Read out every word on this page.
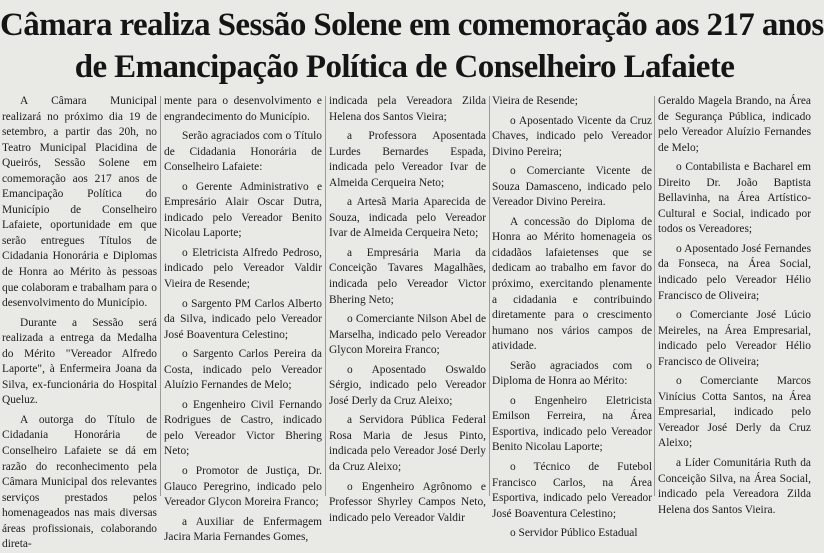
Câmara realiza Sessão Solene em comemoração aos 217 anos
de Emancipação Política de Conselheiro Lafaiete

A Câmara Municipal realizará no próximo dia 19 de setembro, a partir das 20h, no Teatro Municipal Placidina de Queirós, Sessão Solene em comemoração aos 217 anos de Emancipação Política do Município de Conselheiro Lafaiete, oportunidade em que serão entregues Títulos de Cidadania Honorária e Diplomas de Honra ao Mérito às pessoas que colaboram e trabalham para o desenvolvimento do Município.

Durante a Sessão será realizada a entrega da Medalha do Mérito "Vereador Alfredo Laporte", à Enfermeira Joana da Silva, ex-funcionária do Hospital Queluz.

A outorga do Título de Cidadania Honorária de Conselheiro Lafaiete se dá em razão do reconhecimento pela Câmara Municipal dos relevantes serviços prestados pelos homenageados nas mais diversas áreas profissionais, colaborando direta-

mente para o desenvolvimento e engrandecimento do Município.

Serão agraciados com o Título de Cidadania Honorária de Conselheiro Lafaiete:

o Gerente Administrativo e Empresário Alair Oscar Dutra, indicado pelo Vereador Benito Nicolau Laporte;

o Eletricista Alfredo Pedroso, indicado pelo Vereador Valdir Vieira de Resende;

o Sargento PM Carlos Alberto da Silva, indicado pelo Vereador José Boaventura Celestino;

o Sargento Carlos Pereira da Costa, indicado pelo Vereador Aluízio Fernandes de Melo;

o Engenheiro Civil Fernando Rodrigues de Castro, indicado pelo Vereador Victor Bhering Neto;

o Promotor de Justiça, Dr. Glauco Peregrino, indicado pelo Vereador Glycon Moreira Franco;

a Auxiliar de Enfermagem Jacira Maria Fernandes Gomes,

indicada pela Vereadora Zilda Helena dos Santos Vieira;

a Professora Aposentada Lurdes Bernardes Espada, indicada pelo Vereador Ivar de Almeida Cerqueira Neto;

a Artesã Maria Aparecida de Souza, indicada pelo Vereador Ivar de Almeida Cerqueira Neto;

a Empresária Maria da Conceição Tavares Magalhães, indicada pelo Vereador Victor Bhering Neto;

o Comerciante Nilson Abel de Marselha, indicado pelo Vereador Glycon Moreira Franco;

o Aposentado Oswaldo Sérgio, indicado pelo Vereador José Derly da Cruz Aleixo;

a Servidora Pública Federal Rosa Maria de Jesus Pinto, indicada pelo Vereador José Derly da Cruz Aleixo;

o Engenheiro Agrônomo e Professor Shyrley Campos Neto, indicado pelo Vereador Valdir

Vieira de Resende;

o Aposentado Vicente da Cruz Chaves, indicado pelo Vereador Divino Pereira;

o Comerciante Vicente de Souza Damasceno, indicado pelo Vereador Divino Pereira.

A concessão do Diploma de Honra ao Mérito homenageia os cidadãos lafaietenses que se dedicam ao trabalho em favor do próximo, exercitando plenamente a cidadania e contribuindo diretamente para o crescimento humano nos vários campos de atividade.

Serão agraciados com o Diploma de Honra ao Mérito:

o Engenheiro Eletricista Emilson Ferreira, na Área Esportiva, indicado pelo Vereador Benito Nicolau Laporte;

o Técnico de Futebol Francisco Carlos, na Área Esportiva, indicado pelo Vereador José Boaventura Celestino;

o Servidor Público Estadual

Geraldo Magela Brando, na Área de Segurança Pública, indicado pelo Vereador Aluízio Fernandes de Melo;

o Contabilista e Bacharel em Direito Dr. João Baptista Bellavinha, na Área Artístico-Cultural e Social, indicado por todos os Vereadores;

o Aposentado José Fernandes da Fonseca, na Área Social, indicado pelo Vereador Hélio Francisco de Oliveira;

o Comerciante José Lúcio Meireles, na Área Empresarial, indicado pelo Vereador Hélio Francisco de Oliveira;

o Comerciante Marcos Vinícius Cotta Santos, na Área Empresarial, indicado pelo Vereador José Derly da Cruz Aleixo;

a Líder Comunitária Ruth da Conceição Silva, na Área Social, indicado pela Vereadora Zilda Helena dos Santos Vieira.
